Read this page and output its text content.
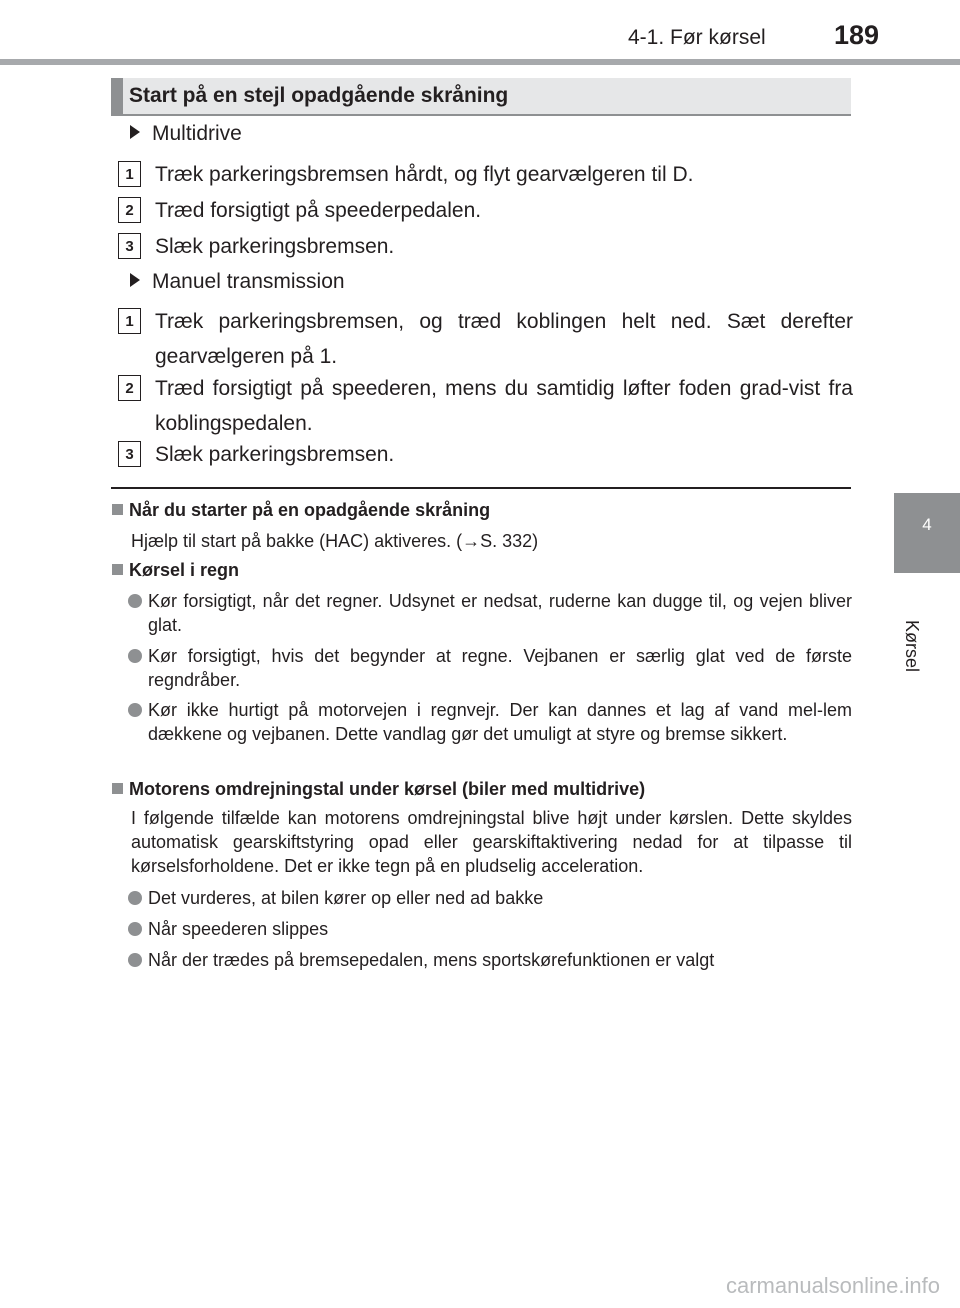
4-1. Før kørsel	189
4
Kørsel
Start på en stejl opadgående skråning
Multidrive
1	Træk parkeringsbremsen hårdt, og flyt gearvælgeren til D.
2	Træd forsigtigt på speederpedalen.
3	Slæk parkeringsbremsen.
Manuel transmission
1	Træk parkeringsbremsen, og træd koblingen helt ned. Sæt derefter gearvælgeren på 1.
2	Træd forsigtigt på speederen, mens du samtidig løfter foden grad-vist fra koblingspedalen.
3	Slæk parkeringsbremsen.
Når du starter på en opadgående skråning
Hjælp til start på bakke (HAC) aktiveres. (→S. 332)
Kørsel i regn
Kør forsigtigt, når det regner. Udsynet er nedsat, ruderne kan dugge til, og vejen bliver glat.
Kør forsigtigt, hvis det begynder at regne. Vejbanen er særlig glat ved de første regndråber.
Kør ikke hurtigt på motorvejen i regnvejr. Der kan dannes et lag af vand mel-lem dækkene og vejbanen. Dette vandlag gør det umuligt at styre og bremse sikkert.
Motorens omdrejningstal under kørsel (biler med multidrive)
I følgende tilfælde kan motorens omdrejningstal blive højt under kørslen. Dette skyldes automatisk gearskiftstyring opad eller gearskiftaktivering nedad for at tilpasse til kørselsforholdene. Det er ikke tegn på en pludselig acceleration.
Det vurderes, at bilen kører op eller ned ad bakke
Når speederen slippes
Når der trædes på bremsepedalen, mens sportskørefunktionen er valgt
carmanualsonline.info
